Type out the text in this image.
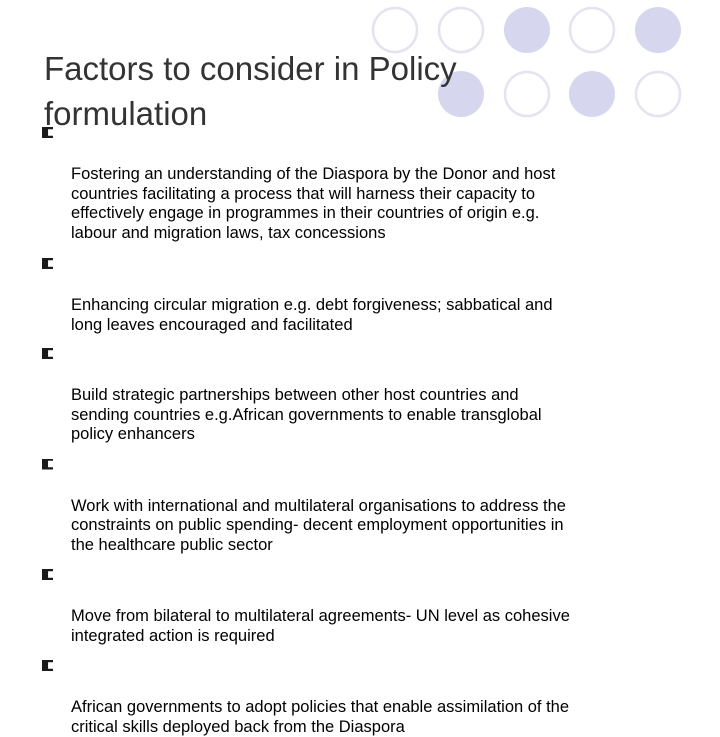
Factors to consider in Policy formulation

Fostering an understanding of the Diaspora by the Donor and host
countries facilitating a process that will harness their capacity to
effectively engage in programmes in their countries of origin e.g.
labour and migration laws, tax concessions

Enhancing circular migration e.g. debt forgiveness; sabbatical and
long leaves encouraged and facilitated

Build strategic partnerships between other host countries and
sending countries e.g.African governments to enable transglobal
policy enhancers

Work with international and multilateral organisations to address the
constraints on public spending- decent employment opportunities in
the healthcare public sector

Move from bilateral to multilateral agreements- UN level as cohesive
integrated action is required

African governments to adopt policies that enable assimilation of the
critical skills deployed back from the Diaspora
